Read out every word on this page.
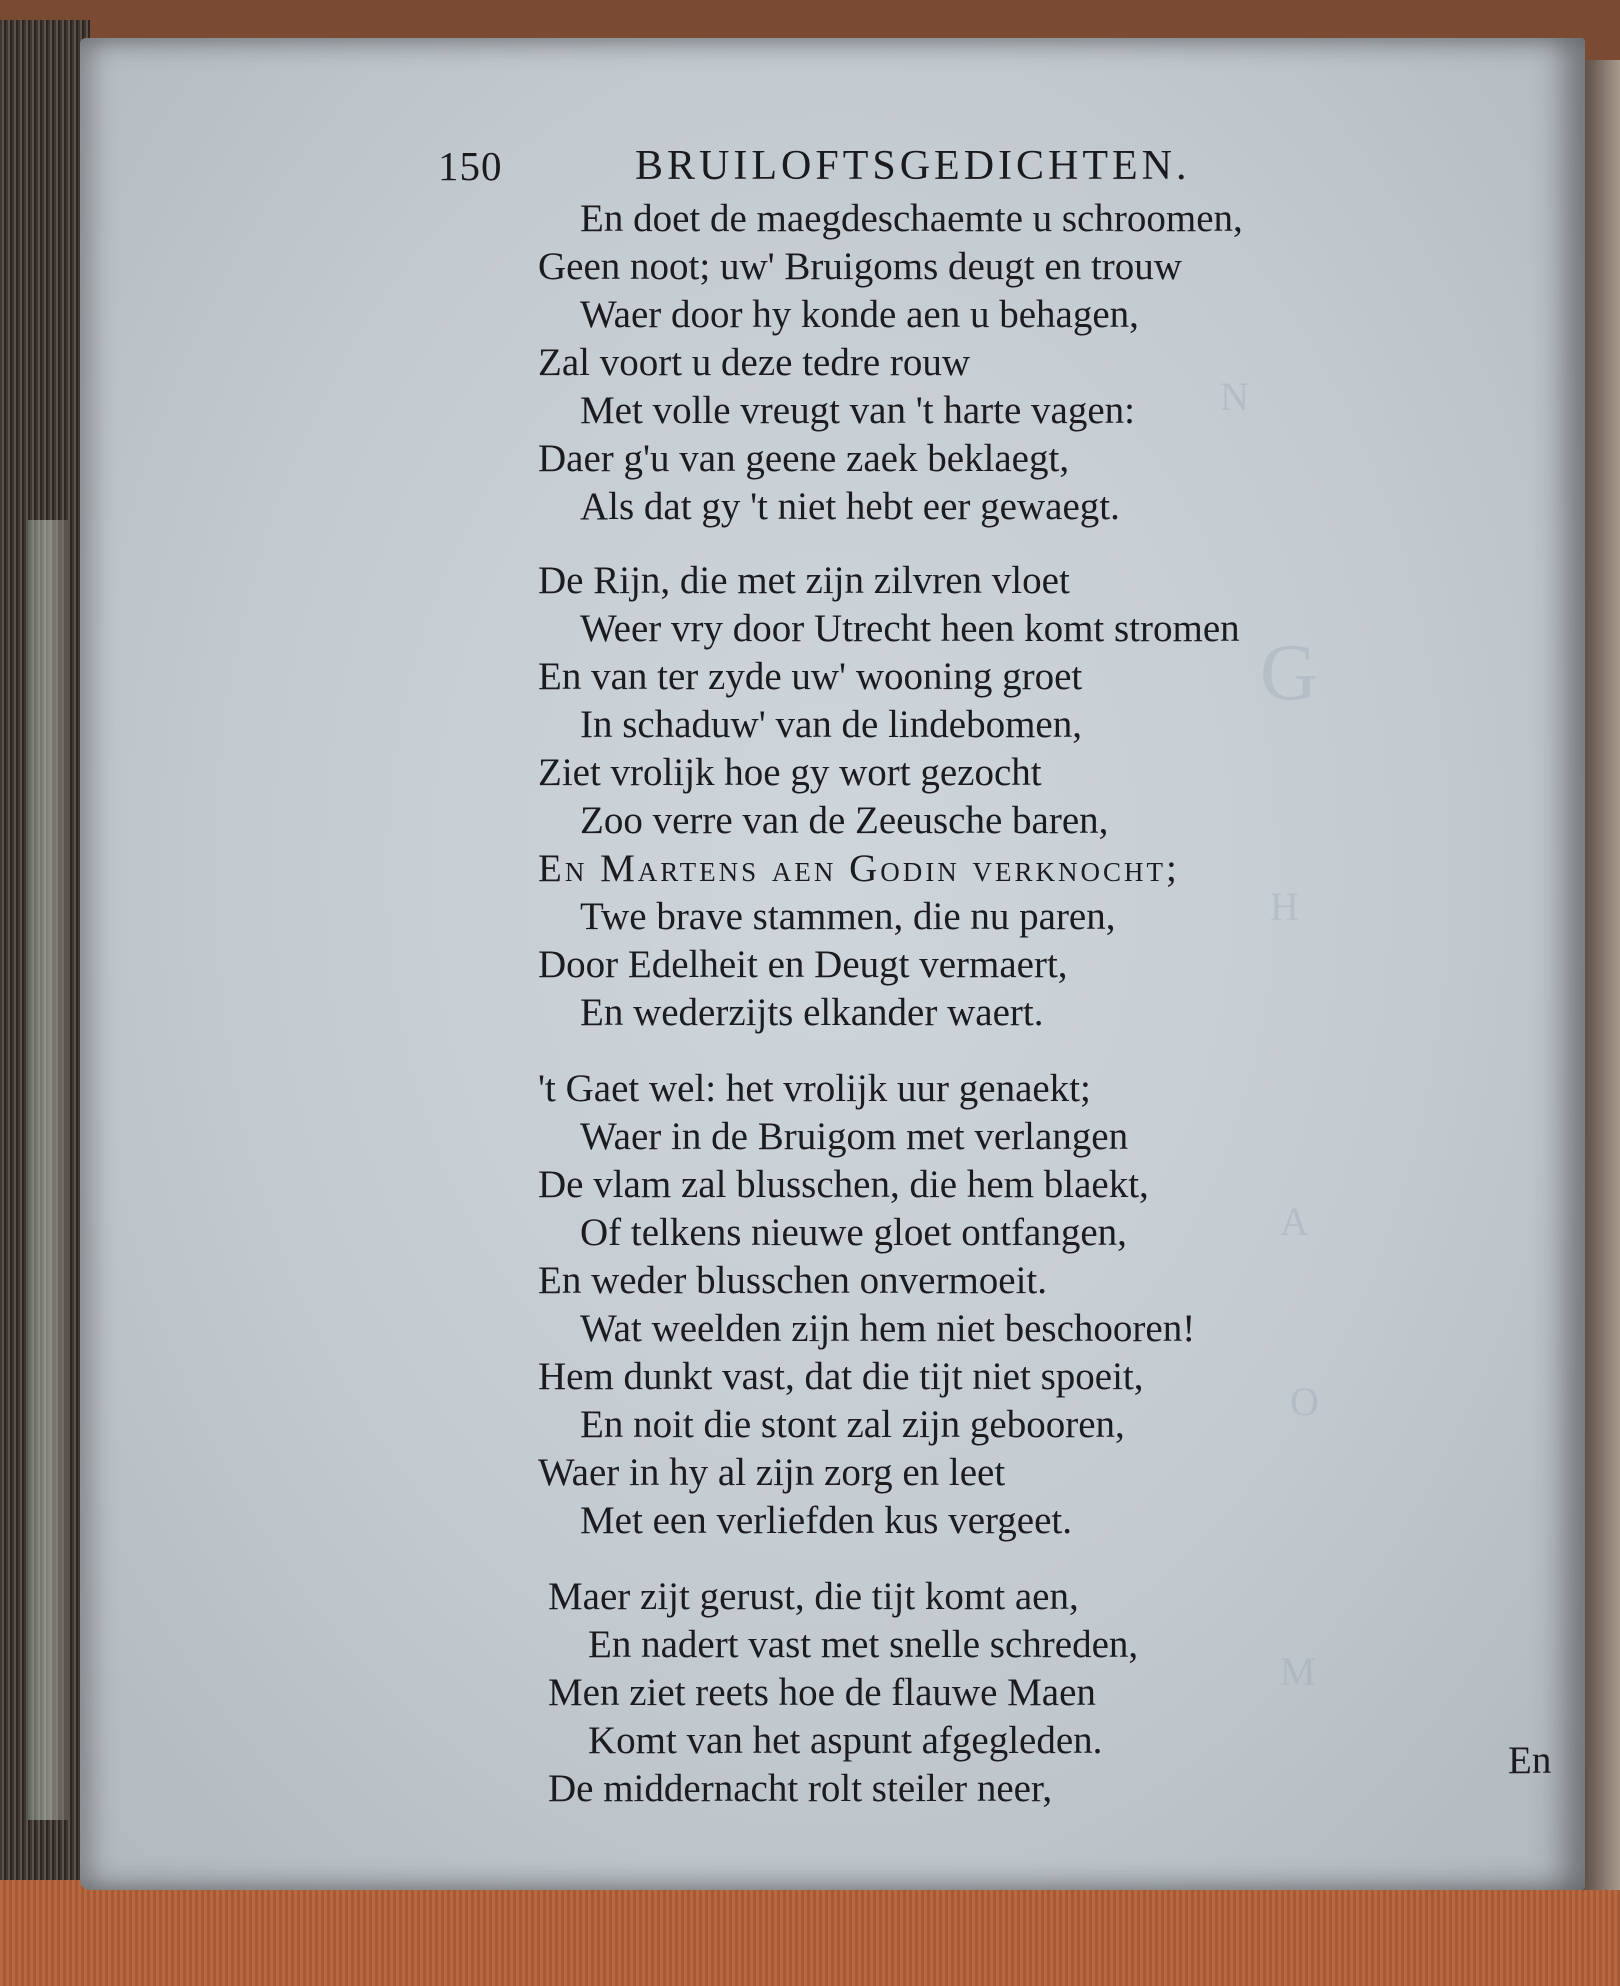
N
G
H
A
O
M
150	BRUILOFTSGEDICHTEN.
En doet de maegdeschaemte u schroomen,
Geen noot; uw' Bruigoms deugt en trouw
Waer door hy konde aen u behagen,
Zal voort u deze tedre rouw
Met volle vreugt van 't harte vagen:
Daer g'u van geene zaek beklaegt,
Als dat gy 't niet hebt eer gewaegt.
De Rijn, die met zijn zilvren vloet
Weer vry door Utrecht heen komt stromen
En van ter zyde uw' wooning groet
In schaduw' van de lindebomen,
Ziet vrolijk hoe gy wort gezocht
Zoo verre van de Zeeusche baren,
En Martens aen Godin verknocht;
Twe brave stammen, die nu paren,
Door Edelheit en Deugt vermaert,
En wederzijts elkander waert.
't Gaet wel: het vrolijk uur genaekt;
Waer in de Bruigom met verlangen
De vlam zal blusschen, die hem blaekt,
Of telkens nieuwe gloet ontfangen,
En weder blusschen onvermoeit.
Wat weelden zijn hem niet beschooren!
Hem dunkt vast, dat die tijt niet spoeit,
En noit die stont zal zijn gebooren,
Waer in hy al zijn zorg en leet
Met een verliefden kus vergeet.
Maer zijt gerust, die tijt komt aen,
En nadert vast met snelle schreden,
Men ziet reets hoe de flauwe Maen
Komt van het aspunt afgegleden.
De middernacht rolt steiler neer,
En
